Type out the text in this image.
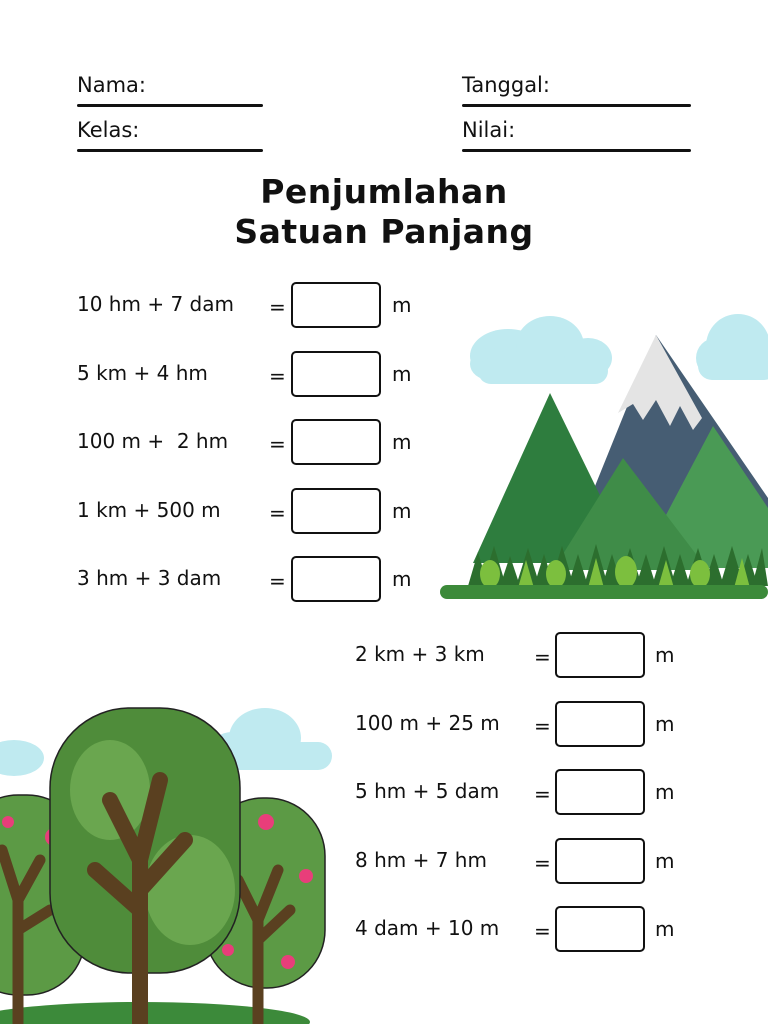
Nama:	Tanggal:
Kelas:	Nilai:
Penjumlahan
Satuan Panjang
10 hm + 7 dam =	m
5 km + 4 hm	=	m
100 m +  2 hm =	m
1 km + 500 m =	m
3 hm + 3 dam =	m
2 km + 3 km =	m
100 m + 25 m =	m
5 hm + 5 dam =	m
8 hm + 7 hm =	m
4 dam + 10 m =	m
